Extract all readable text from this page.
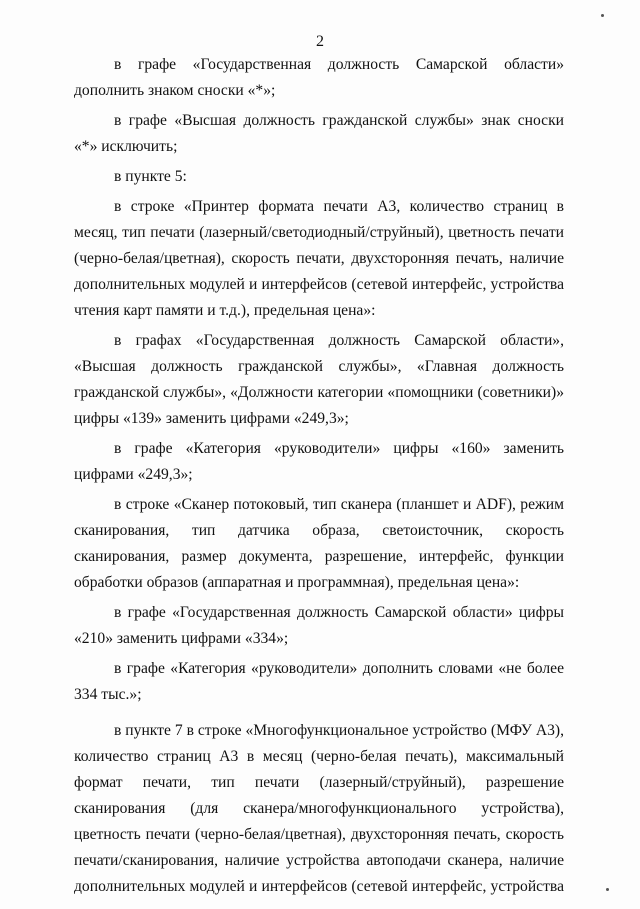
2

в графе «Государственная должность Самарской области» дополнить знаком сноски «*»;

в графе «Высшая должность гражданской службы» знак сноски «*» исключить;

в пункте 5:

в строке «Принтер формата печати А3, количество страниц в месяц, тип печати (лазерный/светодиодный/струйный), цветность печати (черно-белая/цветная), скорость печати, двухсторонняя печать, наличие дополнительных модулей и интерфейсов (сетевой интерфейс, устройства чтения карт памяти и т.д.), предельная цена»:

в графах «Государственная должность Самарской области», «Высшая должность гражданской службы», «Главная должность гражданской службы», «Должности категории «помощники (советники)» цифры «139» заменить цифрами «249,3»;

в графе «Категория «руководители» цифры «160» заменить цифрами «249,3»;

в строке «Сканер потоковый, тип сканера (планшет и ADF), режим сканирования, тип датчика образа, светоисточник, скорость сканирования, размер документа, разрешение, интерфейс, функции обработки образов (аппаратная и программная), предельная цена»:

в графе «Государственная должность Самарской области» цифры «210» заменить цифрами «334»;

в графе «Категория «руководители» дополнить словами «не более 334 тыс.»;

в пункте 7 в строке «Многофункциональное устройство (МФУ А3), количество страниц А3 в месяц (черно-белая печать), максимальный формат печати, тип печати (лазерный/струйный), разрешение сканирования (для сканера/многофункционального устройства), цветность печати (черно-белая/цветная), двухсторонняя печать, скорость печати/сканирования, наличие устройства автоподачи сканера, наличие дополнительных модулей и интерфейсов (сетевой интерфейс, устройства
